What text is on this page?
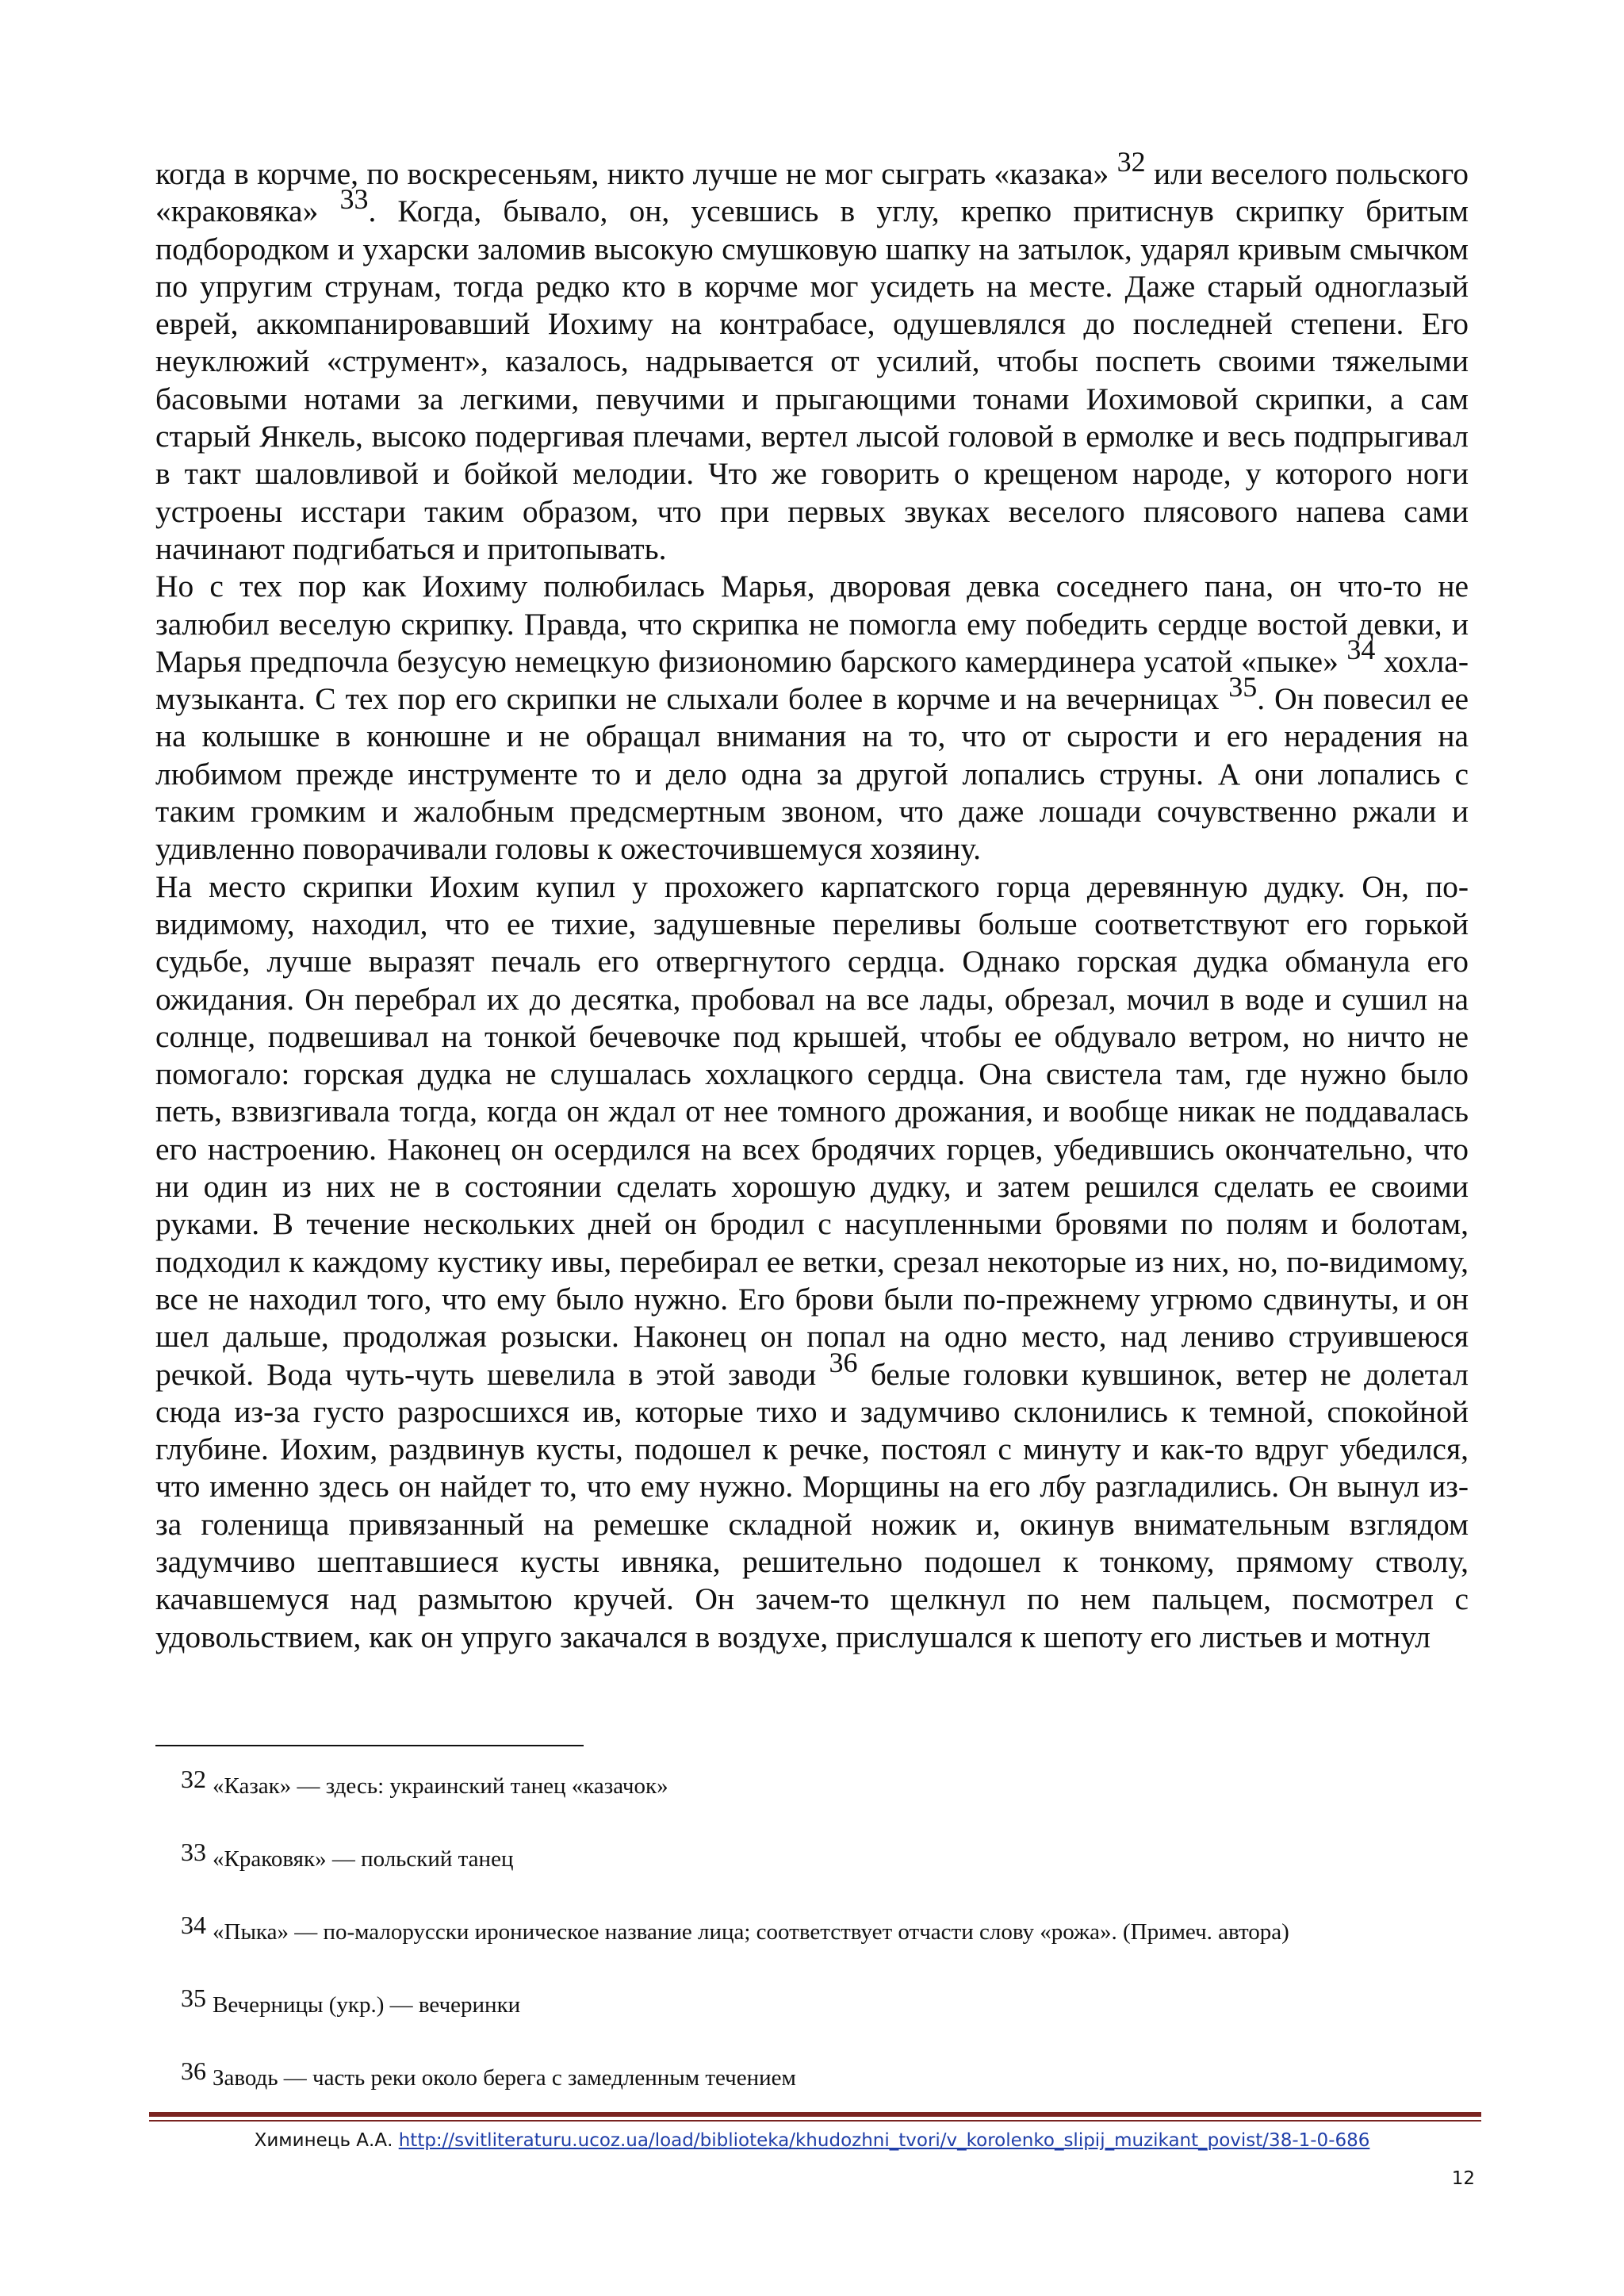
когда в корчме, по воскресеньям, никто лучше не мог сыграть «казака» 32 или веселого польского «краковяка» 33. Когда, бывало, он, усевшись в углу, крепко притиснув скрипку бритым подбородком и ухарски заломив высокую смушковую шапку на затылок, ударял кривым смычком по упругим струнам, тогда редко кто в корчме мог усидеть на месте. Даже старый одноглазый еврей, аккомпанировавший Иохиму на контрабасе, одушевлялся до последней степени. Его неуклюжий «струмент», казалось, надрывается от усилий, чтобы поспеть своими тяжелыми басовыми нотами за легкими, певучими и прыгающими тонами Иохимовой скрипки, а сам старый Янкель, высоко подергивая плечами, вертел лысой головой в ермолке и весь подпрыгивал в такт шаловливой и бойкой мелодии. Что же говорить о крещеном народе, у которого ноги устроены исстари таким образом, что при первых звуках веселого плясового напева сами начинают подгибаться и притопывать.

Но с тех пор как Иохиму полюбилась Марья, дворовая девка соседнего пана, он что-то не залюбил веселую скрипку. Правда, что скрипка не помогла ему победить сердце востой девки, и Марья предпочла безусую немецкую физиономию барского камердинера усатой «пыке» 34 хохла-музыканта. С тех пор его скрипки не слыхали более в корчме и на вечерницах 35. Он повесил ее на колышке в конюшне и не обращал внимания на то, что от сырости и его нерадения на любимом прежде инструменте то и дело одна за другой лопались струны. А они лопались с таким громким и жалобным предсмертным звоном, что даже лошади сочувственно ржали и удивленно поворачивали головы к ожесточившемуся хозяину.

На место скрипки Иохим купил у прохожего карпатского горца деревянную дудку. Он, по-видимому, находил, что ее тихие, задушевные переливы больше соответствуют его горькой судьбе, лучше выразят печаль его отвергнутого сердца. Однако горская дудка обманула его ожидания. Он перебрал их до десятка, пробовал на все лады, обрезал, мочил в воде и сушил на солнце, подвешивал на тонкой бечевочке под крышей, чтобы ее обдувало ветром, но ничто не помогало: горская дудка не слушалась хохлацкого сердца. Она свистела там, где нужно было петь, взвизгивала тогда, когда он ждал от нее томного дрожания, и вообще никак не поддавалась его настроению. Наконец он осердился на всех бродячих горцев, убедившись окончательно, что ни один из них не в состоянии сделать хорошую дудку, и затем решился сделать ее своими руками. В течение нескольких дней он бродил с насупленными бровями по полям и болотам, подходил к каждому кустику ивы, перебирал ее ветки, срезал некоторые из них, но, по-видимому, все не находил того, что ему было нужно. Его брови были по-прежнему угрюмо сдвинуты, и он шел дальше, продолжая розыски. Наконец он попал на одно место, над лениво струившеюся речкой. Вода чуть-чуть шевелила в этой заводи 36 белые головки кувшинок, ветер не долетал сюда из-за густо разросшихся ив, которые тихо и задумчиво склонились к темной, спокойной глубине. Иохим, раздвинув кусты, подошел к речке, постоял с минуту и как-то вдруг убедился, что именно здесь он найдет то, что ему нужно. Морщины на его лбу разгладились. Он вынул из-за голенища привязанный на ремешке складной ножик и, окинув внимательным взглядом задумчиво шептавшиеся кусты ивняка, решительно подошел к тонкому, прямому стволу, качавшемуся над размытою кручей. Он зачем-то щелкнул по нем пальцем, посмотрел с удовольствием, как он упруго закачался в воздухе, прислушался к шепоту его листьев и мотнул

32 «Казак» — здесь: украинский танец «казачок»
33 «Краковяк» — польский танец
34 «Пыка» — по-малорусски ироническое название лица; соответствует отчасти слову «рожа». (Примеч. автора)
35 Вечерницы (укр.) — вечеринки
36 Заводь — часть реки около берега с замедленным течением
Химинець А.А. http://svitliteraturu.ucoz.ua/load/biblioteka/khudozhni_tvori/v_korolenko_slipij_muzikant_povist/38-1-0-686
12
